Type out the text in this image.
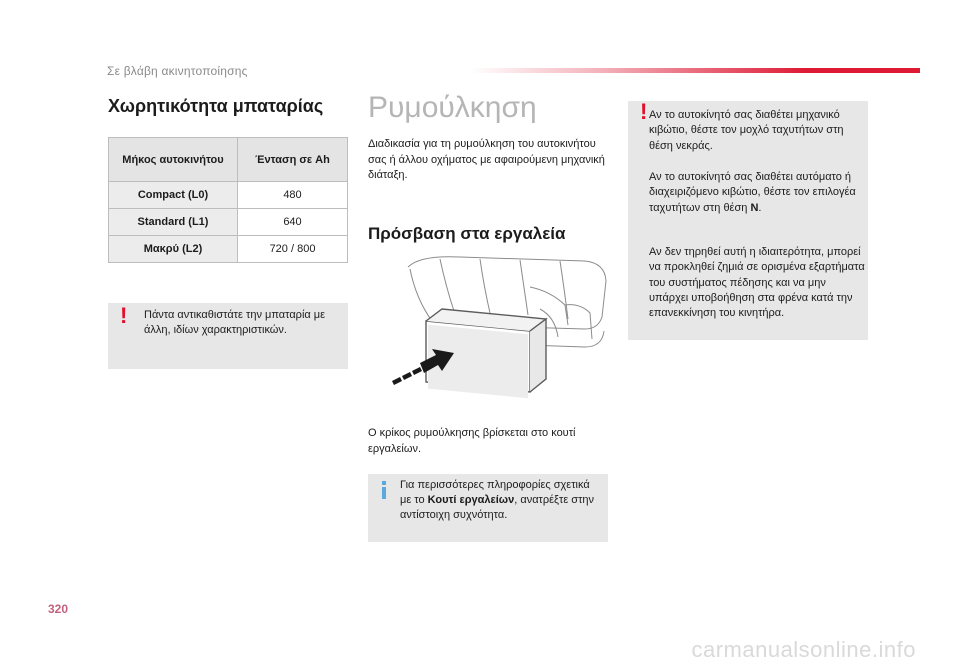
Σε βλάβη ακινητοποίησης
Χωρητικότητα μπαταρίας
Μήκος αυτοκινήτου	Ένταση σε Ah
Compact (L0)	480
Standard (L1)	640
Μακρύ (L2)	720 / 800
! Πάντα αντικαθιστάτε την μπαταρία με άλλη, ιδίων χαρακτηριστικών.
Ρυμούλκηση

Διαδικασία για τη ρυμούλκηση του αυτοκινήτου σας ή άλλου οχήματος με αφαιρούμενη μηχανική διάταξη.

Πρόσβαση στα εργαλεία

Ο κρίκος ρυμούλκησης βρίσκεται στο κουτί εργαλείων.

Για περισσότερες πληροφορίες σχετικά με το Κουτί εργαλείων, ανατρέξτε στην αντίστοιχη συχνότητα.
! Αν το αυτοκίνητό σας διαθέτει μηχανικό κιβώτιο, θέστε τον μοχλό ταχυτήτων στη θέση νεκράς.

Αν το αυτοκίνητό σας διαθέτει αυτόματο ή διαχειριζόμενο κιβώτιο, θέστε τον επιλογέα ταχυτήτων στη θέση N.

Αν δεν τηρηθεί αυτή η ιδιαιτερότητα, μπορεί να προκληθεί ζημιά σε ορισμένα εξαρτήματα του συστήματος πέδησης και να μην υπάρχει υποβοήθηση στα φρένα κατά την επανεκκίνηση του κινητήρα.

320
carmanualsonline.info
